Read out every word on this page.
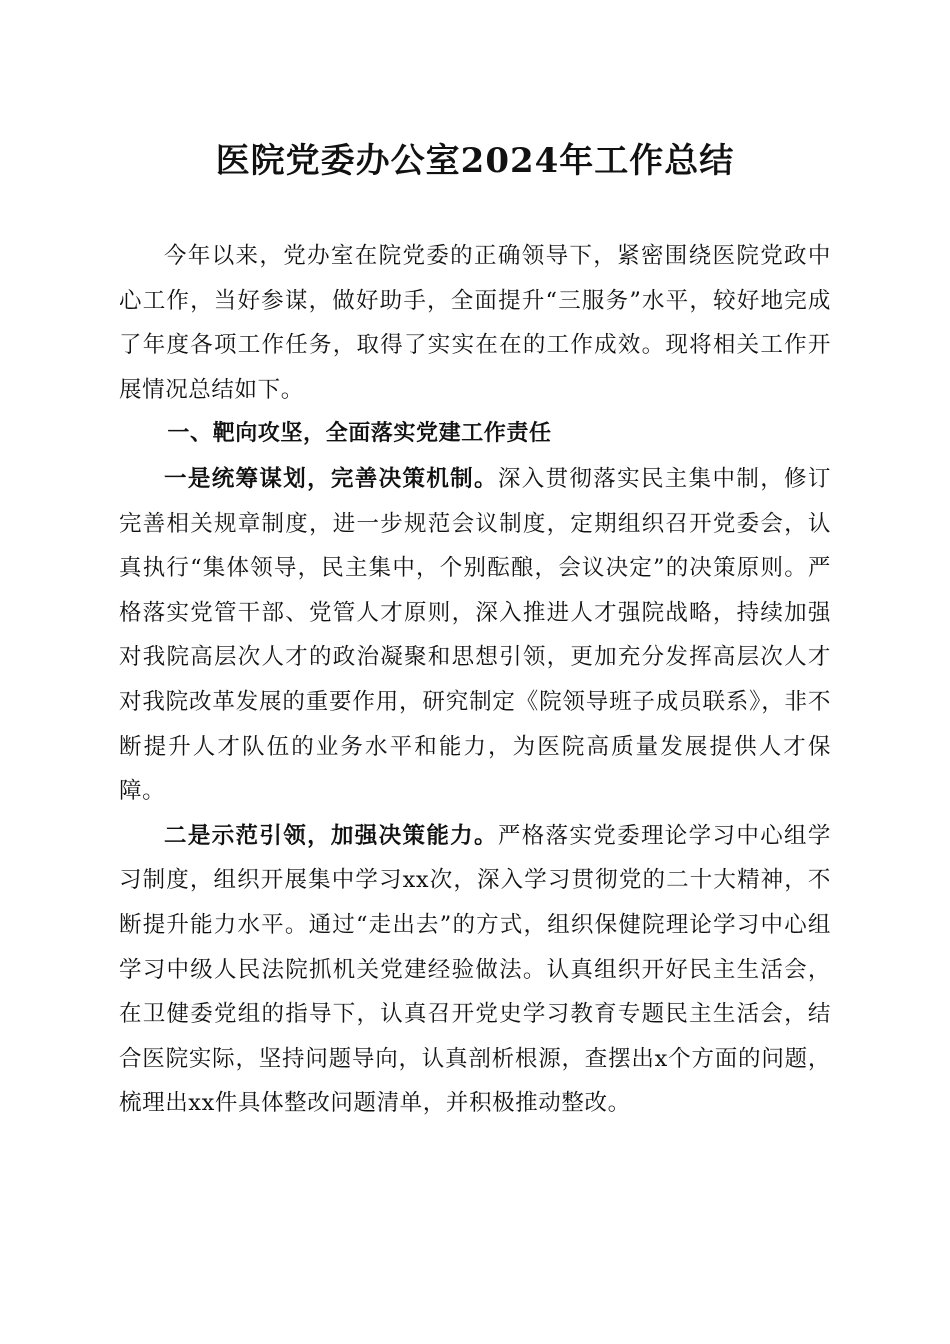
医院党委办公室2024年工作总结

今年以来，党办室在院党委的正确领导下，紧密围绕医院党政中心工作，当好参谋，做好助手，全面提升“三服务”水平，较好地完成了年度各项工作任务，取得了实实在在的工作成效。现将相关工作开展情况总结如下。

一、靶向攻坚，全面落实党建工作责任

一是统筹谋划，完善决策机制。深入贯彻落实民主集中制，修订完善相关规章制度，进一步规范会议制度，定期组织召开党委会，认真执行“集体领导，民主集中，个别酝酿，会议决定”的决策原则。严格落实党管干部、党管人才原则，深入推进人才强院战略，持续加强对我院高层次人才的政治凝聚和思想引领，更加充分发挥高层次人才对我院改革发展的重要作用，研究制定《院领导班子成员联系》，非不断提升人才队伍的业务水平和能力，为医院高质量发展提供人才保障。

二是示范引领，加强决策能力。严格落实党委理论学习中心组学习制度，组织开展集中学习xx次，深入学习贯彻党的二十大精神，不断提升能力水平。通过“走出去”的方式，组织保健院理论学习中心组学习中级人民法院抓机关党建经验做法。认真组织开好民主生活会，在卫健委党组的指导下，认真召开党史学习教育专题民主生活会，结合医院实际，坚持问题导向，认真剖析根源，查摆出x个方面的问题，梳理出xx件具体整改问题清单，并积极推动整改。
